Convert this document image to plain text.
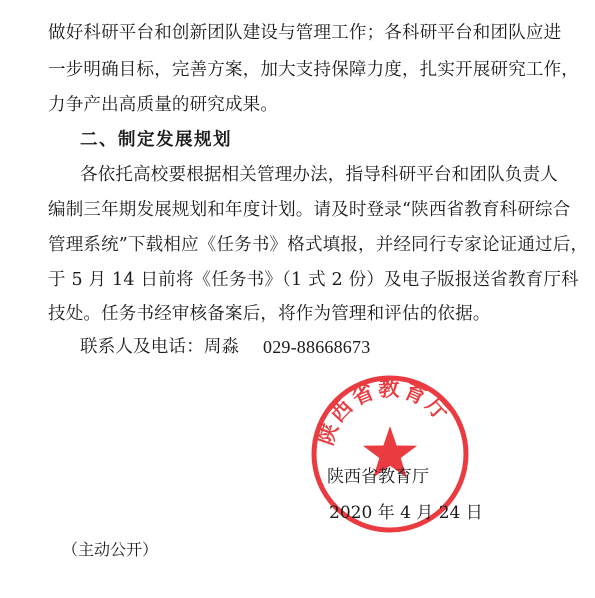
做好科研平台和创新团队建设与管理工作；各科研平台和团队应进
一步明确目标，完善方案，加大支持保障力度，扎实开展研究工作，
力争产出高质量的研究成果。
二、制定发展规划
各依托高校要根据相关管理办法，指导科研平台和团队负责人
编制三年期发展规划和年度计划。请及时登录“陕西省教育科研综合
管理系统”下载相应《任务书》格式填报，并经同行专家论证通过后，
于 5 月 14 日前将《任务书》（1 式 2 份）及电子版报送省教育厅科
技处。任务书经审核备案后，将作为管理和评估的依据。
联系人及电话：周淼 029-88668673
陕西省教育厅
陕西省教育厅
2020 年 4 月 24 日
（主动公开）
